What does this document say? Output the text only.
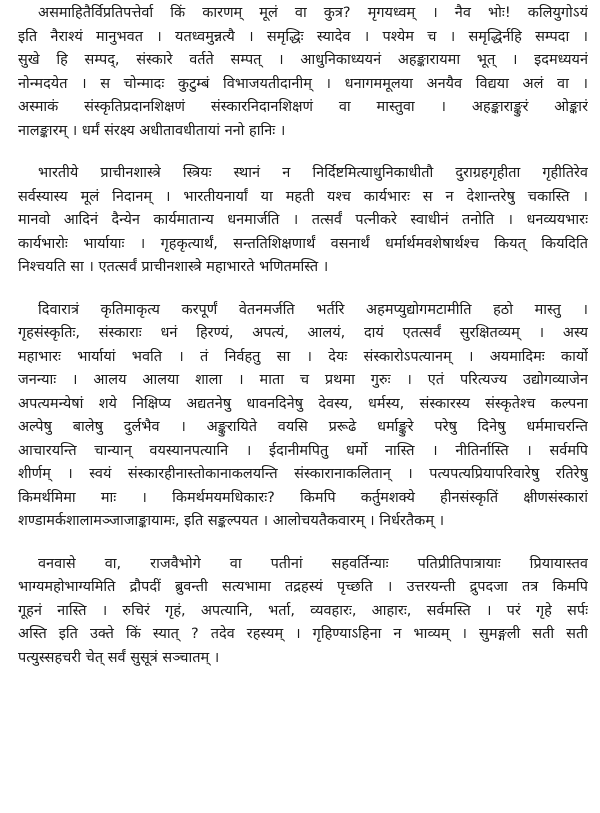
असमाहितैर्विप्रतिपत्तेर्वा किं कारणम् मूलं वा कुत्र? मृगयध्वम् । नैव भोः! कलियुगोऽयं
इति नैराश्यं मानुभवत । यतध्वमुन्नत्यै । समृद्धिः स्यादेव । पश्येम च । समृद्धिर्नहि सम्पदा ।
सुखे हि सम्पद्, संस्कारे वर्तते सम्पत् । आधुनिकाध्ययनं अहङ्कारायमा भूत् । इदमध्ययनं
नोन्मदयेत । स चोन्मादः कुटुम्बं विभाजयतीदानीम् । धनागममूलया अनयैव विद्यया अलं वा ।
अस्माकं संस्कृतिप्रदानशिक्षणं संस्कारनिदानशिक्षणं वा मास्तुवा । अहङ्काराङ्कुरं ओङ्कारं
नालङ्कारम् । धर्मं संरक्ष्य अधीतावधीतायां ननो हानिः ।
भारतीये प्राचीनशास्त्रे स्त्रियः स्थानं न निर्दिष्टमित्याधुनिकाधीतौ दुराग्रहगृहीता गृहीतिरेव
सर्वस्यास्य मूलं निदानम् । भारतीयनार्यां या महती यश्च कार्यभारः स न देशान्तरेषु चकास्ति ।
मानवो आदिनं दैन्येन कार्यमातान्य धनमार्जति । तत्सर्वं पत्नीकरे स्वाधीनं तनोति । धनव्ययभारः
कार्यभारोः भार्यायाः । गृहकृत्यार्थं, सन्ततिशिक्षणार्थं वसनार्थं धर्मार्थमवशेषार्थश्च कियत् कियदिति
निश्चयति सा । एतत्सर्वं प्राचीनशास्त्रे महाभारते भणितमस्ति ।
दिवारात्रं कृतिमाकृत्य करपूर्णं वेतनमर्जति भर्तरि अहमप्युद्योगमटामीति हठो मास्तु ।
गृहसंस्कृतिः, संस्काराः धनं हिरण्यं, अपत्यं, आलयं, दायं एतत्सर्वं सुरक्षितव्यम् । अस्य
महाभारः भार्यायां भवति । तं निर्वहतु सा । देयः संस्कारोऽपत्यानम् । अयमादिमः कार्यो
जनन्याः । आलय आलया शाला । माता च प्रथमा गुरुः । एतं परित्यज्य उद्योगव्याजेन
अपत्यमन्येषां शये निक्षिप्य अद्यतनेषु धावनदिनेषु देवस्य, धर्मस्य, संस्कारस्य संस्कृतेश्च कल्पना
अल्पेषु बालेषु दुर्लभैव । अङ्कुरायिते वयसि प्ररूढे धर्माङ्कुरे परेषु दिनेषु धर्ममाचरन्ति
आचारयन्ति चान्यान् वयस्यानपत्यानि । ईदानीमपितु धर्मो नास्ति । नीतिर्नास्ति । सर्वमपि
शीर्णम् । स्वयं संस्कारहीनास्तोकानाकलयन्ति संस्कारानाकलितान् । पत्यपत्यप्रियापरिवारेषु रतिरेषु
किमर्थमिमा माः । किमर्थमयमधिकारः? किमपि कर्तुमशक्ये हीनसंस्कृतिं क्षीणसंस्कारां
शण्डामर्कशालामञ्जाजाङ्कायामः, इति सङ्कल्पयत । आलोचयतैकवारम् । निर्धरतैकम् ।
वनवासे वा, राजवैभोगे वा पतीनां सहवर्तिन्याः पतिप्रीतिपात्रायाः प्रियायास्तव
भाग्यमहोभाग्यमिति द्रौपदीं ब्रुवन्ती सत्यभामा तद्रहस्यं पृच्छति । उत्तरयन्ती द्रुपदजा तत्र किमपि
गूहनं नास्ति । रुचिरं गृहं, अपत्यानि, भर्ता, व्यवहारः, आहारः, सर्वमस्ति । परं गृहे सर्पः
अस्ति इति उक्ते किं स्यात् ? तदेव रहस्यम् । गृहिण्याऽहिना न भाव्यम् । सुमङ्गली सती सती
पत्युस्सहचरी चेत् सर्वं सुसूत्रं सञ्चातम् ।
